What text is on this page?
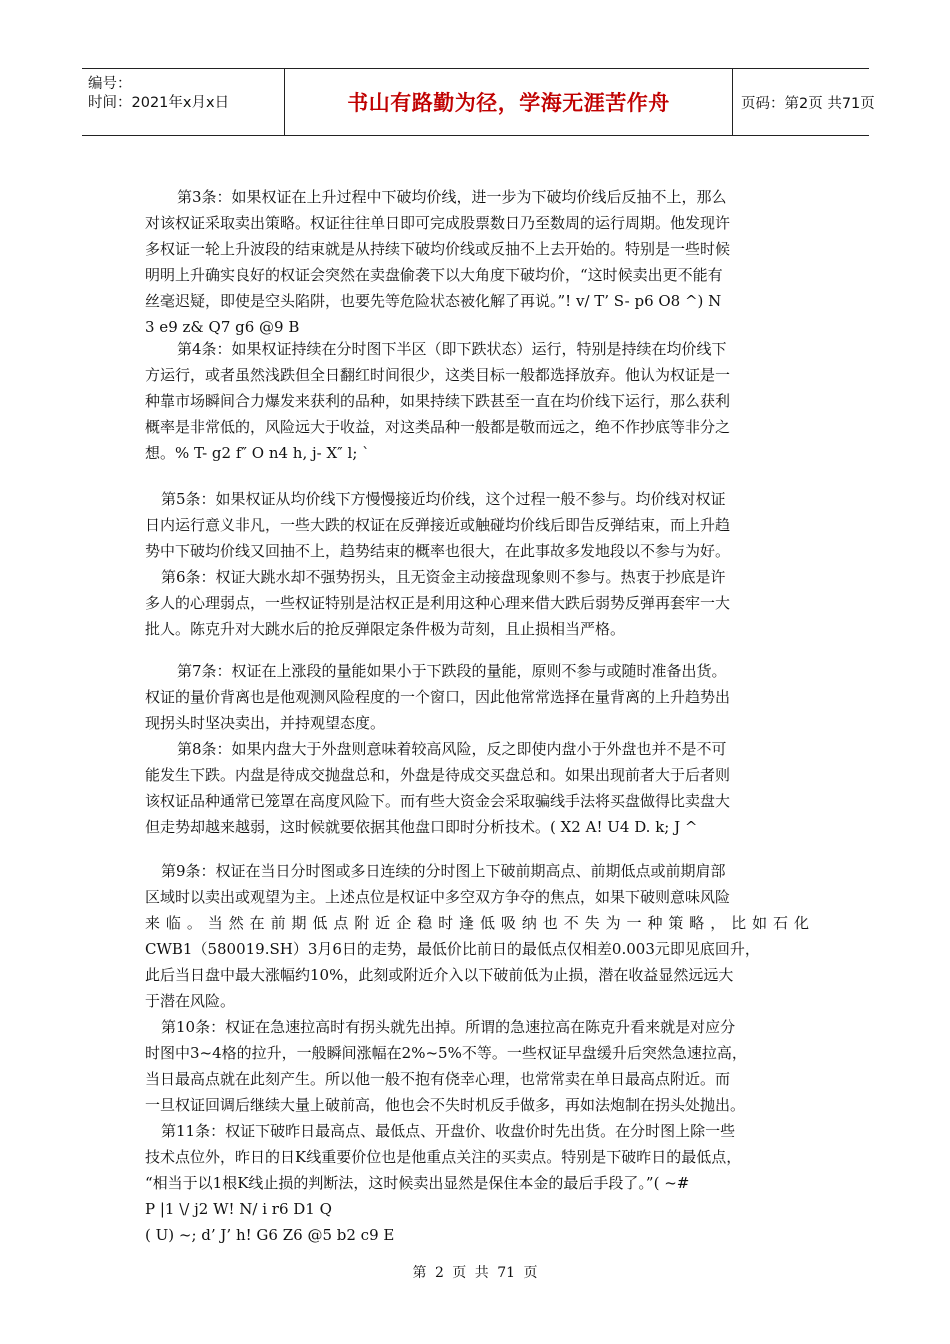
编号：
时间：2021年x月x日	书山有路勤为径，学海无涯苦作舟	页码：第2页 共71页
第3条：如果权证在上升过程中下破均价线，进一步为下破均价线后反抽不上，那么
对该权证采取卖出策略。权证往往单日即可完成股票数日乃至数周的运行周期。他发现许
多权证一轮上升波段的结束就是从持续下破均价线或反抽不上去开始的。特别是一些时候
明明上升确实良好的权证会突然在卖盘偷袭下以大角度下破均价，“这时候卖出更不能有
丝毫迟疑，即使是空头陷阱，也要先等危险状态被化解了再说。”! v/ T’ S- p6 O8 ^) N
3 e9 z& Q7 g6 @9 B
第4条：如果权证持续在分时图下半区（即下跌状态）运行，特别是持续在均价线下
方运行，或者虽然浅跌但全日翻红时间很少，这类目标一般都选择放弃。他认为权证是一
种靠市场瞬间合力爆发来获利的品种，如果持续下跌甚至一直在均价线下运行，那么获利
概率是非常低的，风险远大于收益，对这类品种一般都是敬而远之，绝不作抄底等非分之
想。% T- g2 f″ O n4 h, j- X″ l; `
第5条：如果权证从均价线下方慢慢接近均价线，这个过程一般不参与。均价线对权证
日内运行意义非凡，一些大跌的权证在反弹接近或触碰均价线后即告反弹结束，而上升趋
势中下破均价线又回抽不上，趋势结束的概率也很大，在此事故多发地段以不参与为好。
第6条：权证大跳水却不强势拐头，且无资金主动接盘现象则不参与。热衷于抄底是许
多人的心理弱点，一些权证特别是沽权正是利用这种心理来借大跌后弱势反弹再套牢一大
批人。陈克升对大跳水后的抢反弹限定条件极为苛刻，且止损相当严格。
第7条：权证在上涨段的量能如果小于下跌段的量能，原则不参与或随时准备出货。
权证的量价背离也是他观测风险程度的一个窗口，因此他常常选择在量背离的上升趋势出
现拐头时坚决卖出，并持观望态度。
第8条：如果内盘大于外盘则意味着较高风险，反之即使内盘小于外盘也并不是不可
能发生下跌。内盘是待成交抛盘总和，外盘是待成交买盘总和。如果出现前者大于后者则
该权证品种通常已笼罩在高度风险下。而有些大资金会采取骗线手法将买盘做得比卖盘大
但走势却越来越弱，这时候就要依据其他盘口即时分析技术。( X2 A! U4 D. k; J ^
第9条：权证在当日分时图或多日连续的分时图上下破前期高点、前期低点或前期肩部
区域时以卖出或观望为主。上述点位是权证中多空双方争夺的焦点，如果下破则意味风险
来临。当然在前期低点附近企稳时逢低吸纳也不失为一种策略，比如石化
CWB1（580019.SH）3月6日的走势，最低价比前日的最低点仅相差0.003元即见底回升，
此后当日盘中最大涨幅约10%，此刻或附近介入以下破前低为止损，潜在收益显然远远大
于潜在风险。
第10条：权证在急速拉高时有拐头就先出掉。所谓的急速拉高在陈克升看来就是对应分
时图中3~4格的拉升，一般瞬间涨幅在2%~5%不等。一些权证早盘缓升后突然急速拉高，
当日最高点就在此刻产生。所以他一般不抱有侥幸心理，也常常卖在单日最高点附近。而
一旦权证回调后继续大量上破前高，他也会不失时机反手做多，再如法炮制在拐头处抛出。
第11条：权证下破昨日最高点、最低点、开盘价、收盘价时先出货。在分时图上除一些
技术点位外，昨日的日K线重要价位也是他重点关注的买卖点。特别是下破昨日的最低点，
“相当于以1根K线止损的判断法，这时候卖出显然是保住本金的最后手段了。”( ~#
P |1 \/ j2 W! N/ i r6 D1 Q
( U) ~; d’ J’ h! G6 Z6 @5 b2 c9 E
第 2 页 共 71 页
